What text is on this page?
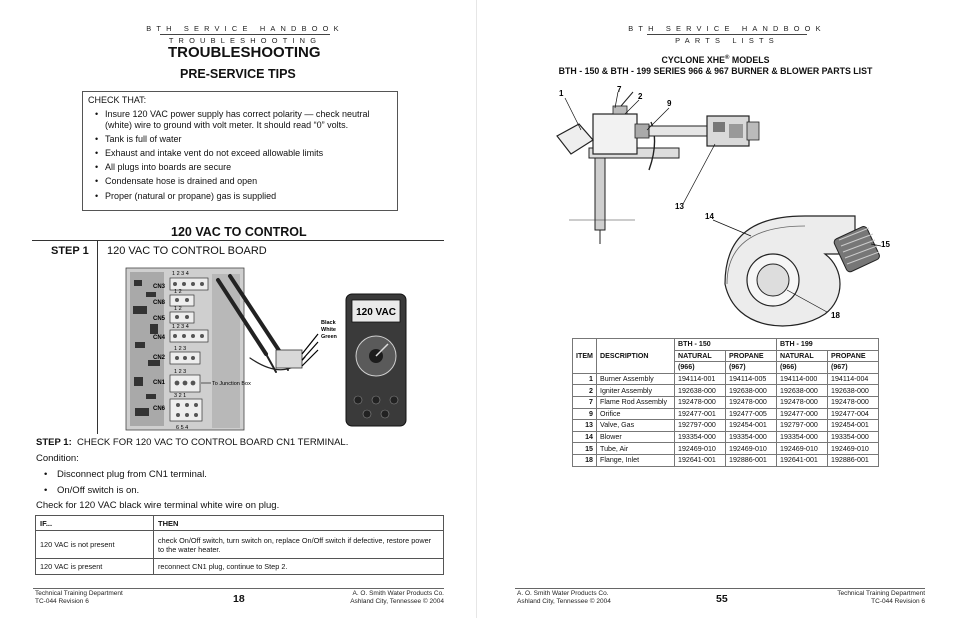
BTH SERVICE HANDBOOK
TROUBLESHOOTING
TROUBLESHOOTING
PRE-SERVICE TIPS
CHECK THAT:
• Insure 120 VAC power supply has correct polarity — check neutral (white) wire to ground with volt meter. It should read “0” volts.
• Tank is full of water
• Exhaust and intake vent do not exceed allowable limits
• All plugs into boards are secure
• Condensate hose is drained and open
• Proper (natural or propane) gas is supplied
120 VAC TO CONTROL
STEP 1 120 VAC TO CONTROL BOARD
CN3
CN8
CN5
CN4
CN2
CN1
CN6
1 2 3 4
1 2
1 2
1 2 3 4
1 2 3
1 2 3
3 2 1
6 5 4
To Junction Box
Black
White
Green
120 VAC
STEP 1: CHECK FOR 120 VAC TO CONTROL BOARD CN1 TERMINAL.
Condition:
• Disconnect plug from CN1 terminal.
• On/Off switch is on.
Check for 120 VAC black wire terminal white wire on plug.
IF...	THEN
120 VAC is not present	check On/Off switch, turn switch on, replace On/Off switch if defective, restore power to the water heater.
120 VAC is present	reconnect CN1 plug, continue to Step 2.
Technical Training Department
TC-044 Revision 6	18	A. O. Smith Water Products Co.
Ashland City, Tennessee © 2004
BTH SERVICE HANDBOOK
PARTS LISTS
CYCLONE XHE® MODELS
BTH - 150 & BTH - 199 SERIES 966 & 967 BURNER & BLOWER PARTS LIST
1	7
2
9
13
14
15
18
ITEM	DESCRIPTION	BTH - 150		BTH - 199	
		NATURAL	PROPANE	NATURAL	PROPANE
		(966)	(967)	(966)	(967)
1	Burner Assembly	194114-001	194114-005	194114-000	194114-004
2	Igniter Assembly	192638-000	192638-000	192638-000	192638-000
7	Flame Rod Assembly	192478-000	192478-000	192478-000	192478-000
9	Orifice	192477-001	192477-005	192477-000	192477-004
13	Valve, Gas	192797-000	192454-001	192797-000	192454-001
14	Blower	193354-000	193354-000	193354-000	193354-000
15	Tube, Air	192469-010	192469-010	192469-010	192469-010
18	Flange, Inlet	192641-001	192886-001	192641-001	192886-001
A. O. Smith Water Products Co.
Ashland City, Tennessee © 2004	55	Technical Training Department
TC-044 Revision 6
